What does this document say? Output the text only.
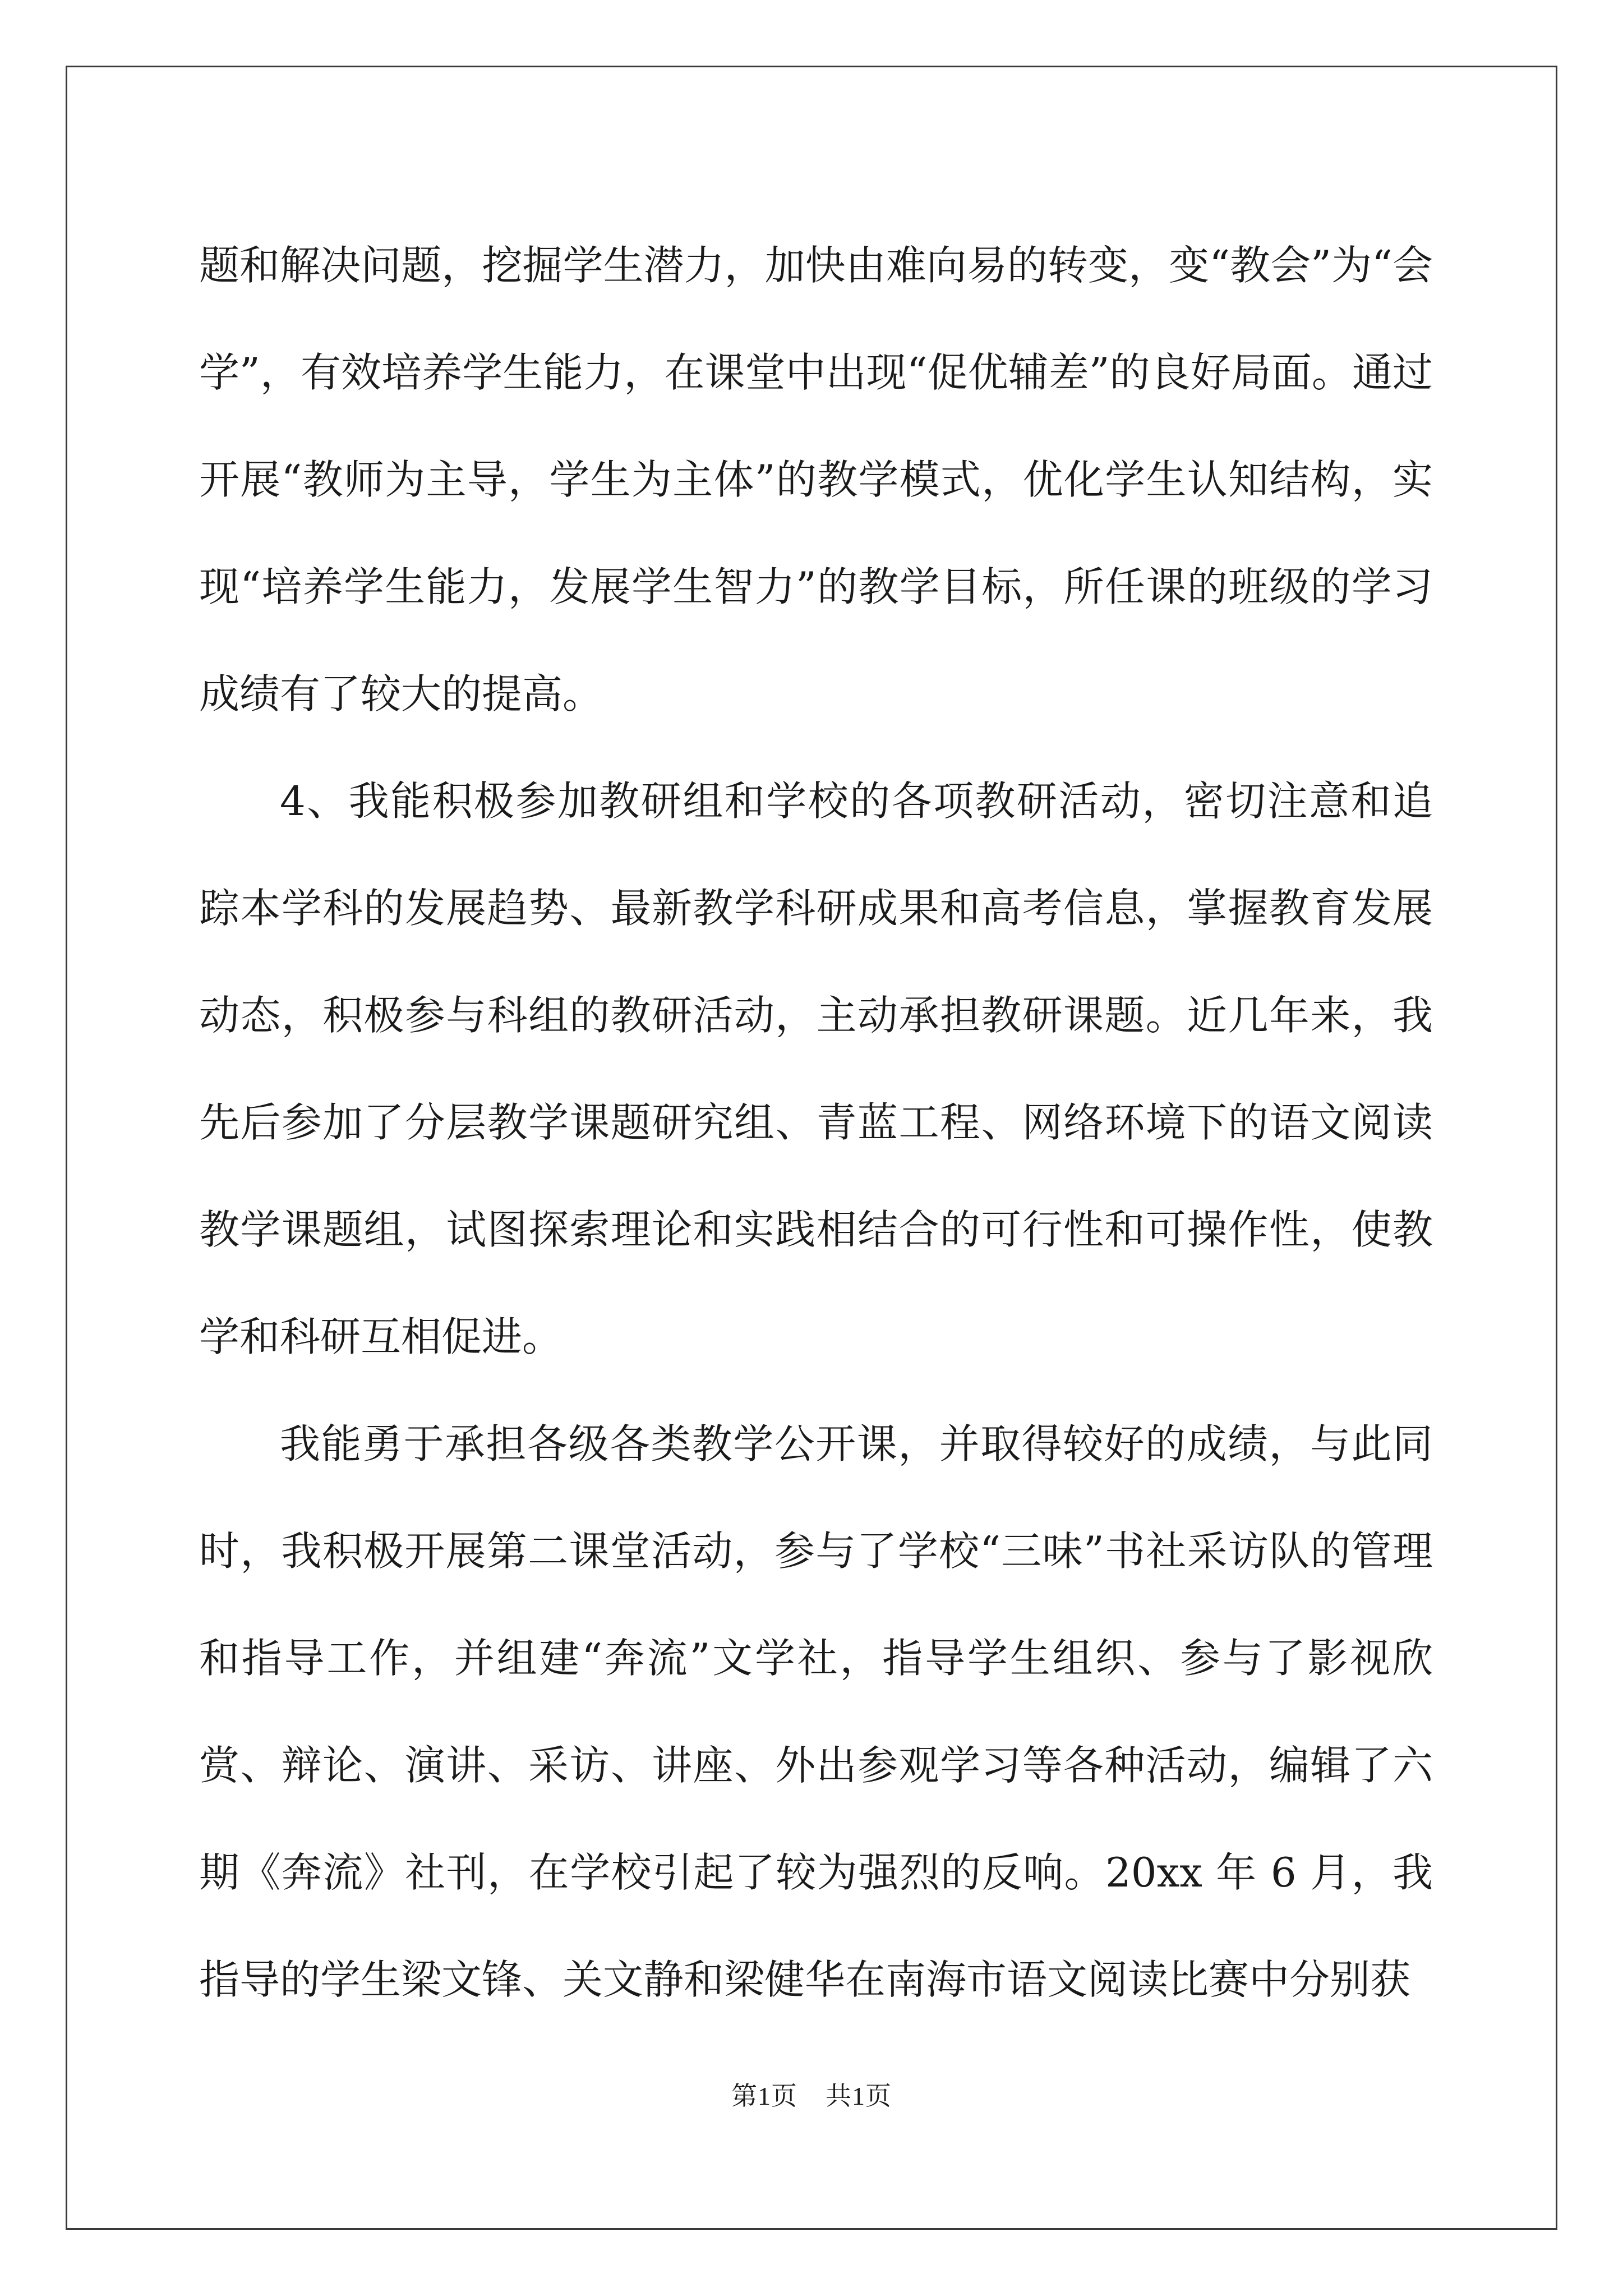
题和解决问题，挖掘学生潜力，加快由难向易的转变，变“教会”为“会学”，有效培养学生能力，在课堂中出现“促优辅差”的良好局面。通过开展“教师为主导，学生为主体”的教学模式，优化学生认知结构，实现“培养学生能力，发展学生智力”的教学目标，所任课的班级的学习成绩有了较大的提高。

4、我能积极参加教研组和学校的各项教研活动，密切注意和追踪本学科的发展趋势、最新教学科研成果和高考信息，掌握教育发展动态，积极参与科组的教研活动，主动承担教研课题。近几年来，我先后参加了分层教学课题研究组、青蓝工程、网络环境下的语文阅读教学课题组，试图探索理论和实践相结合的可行性和可操作性，使教学和科研互相促进。

我能勇于承担各级各类教学公开课，并取得较好的成绩，与此同时，我积极开展第二课堂活动，参与了学校“三味”书社采访队的管理和指导工作，并组建“奔流”文学社，指导学生组织、参与了影视欣赏、辩论、演讲、采访、讲座、外出参观学习等各种活动，编辑了六期《奔流》社刊，在学校引起了较为强烈的反响。20xx 年 6 月，我指导的学生梁文锋、关文静和梁健华在南海市语文阅读比赛中分别获

第1页 共1页
